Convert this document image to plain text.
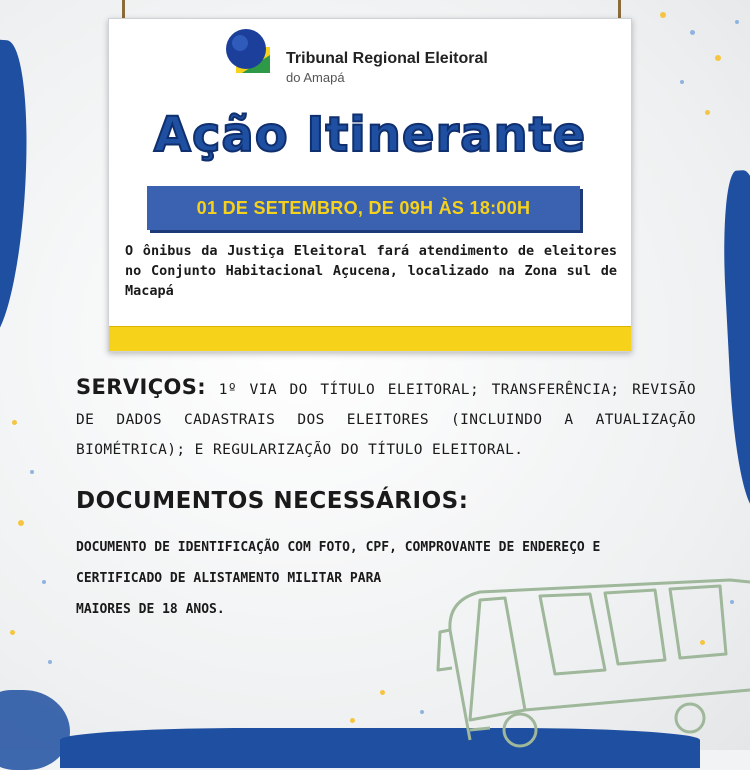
Tribunal Regional Eleitoral
do Amapá
Ação Itinerante
01 DE SETEMBRO, DE 09H ÀS 18:00H
O ônibus da Justiça Eleitoral fará atendimento de eleitores no Conjunto Habitacional Açucena, localizado na Zona sul de Macapá
SERVIÇOS: 1º VIA DO TÍTULO ELEITORAL; TRANSFERÊNCIA; REVISÃO DE DADOS CADASTRAIS DOS ELEITORES (INCLUINDO A ATUALIZAÇÃO BIOMÉTRICA); E REGULARIZAÇÃO DO TÍTULO ELEITORAL.
DOCUMENTOS NECESSÁRIOS:
DOCUMENTO DE IDENTIFICAÇÃO COM FOTO, CPF, COMPROVANTE DE ENDEREÇO E
CERTIFICADO DE ALISTAMENTO MILITAR PARA
MAIORES DE 18 ANOS.
